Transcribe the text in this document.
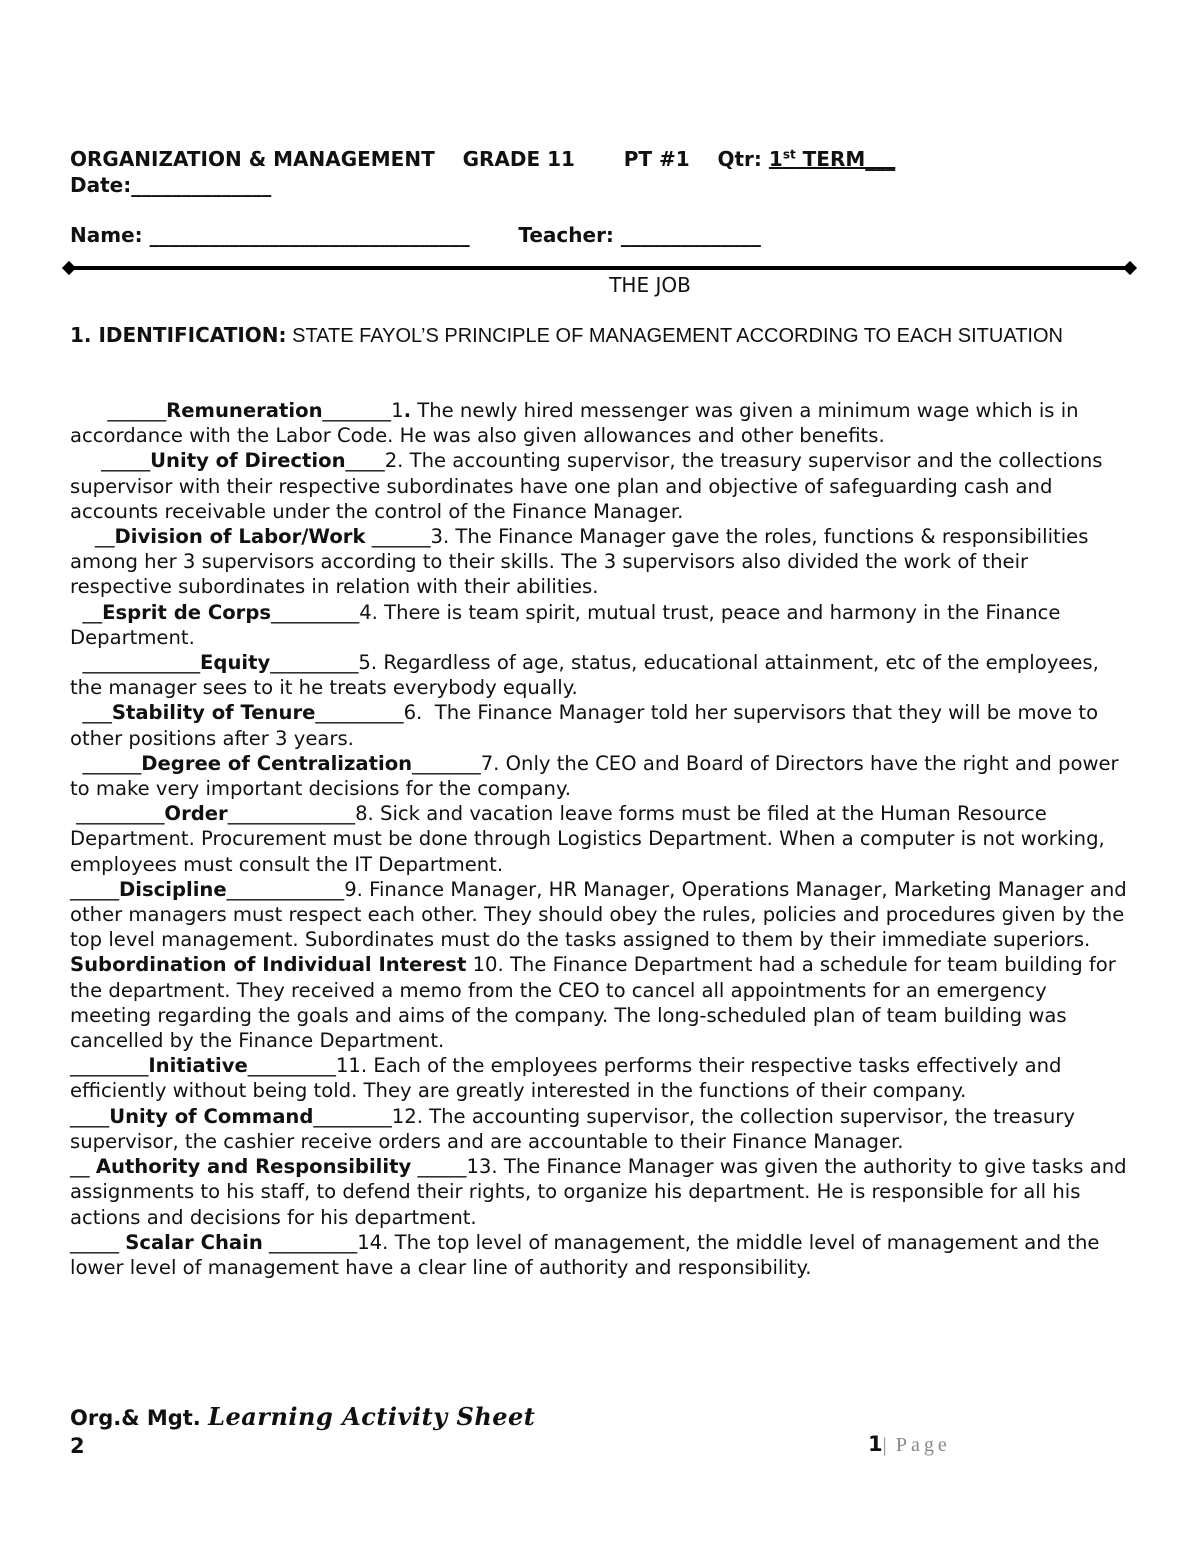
ORGANIZATION & MANAGEMENT GRADE 11 PT #1 Qtr: 1st TERM___
Date:______________
Name: ________________________________ Teacher: ______________
THE JOB
1. IDENTIFICATION: STATE FAYOL’S PRINCIPLE OF MANAGEMENT ACCORDING TO EACH SITUATION

______Remuneration_______1. The newly hired messenger was given a minimum wage which is in accordance with the Labor Code. He was also given allowances and other benefits.

_____Unity of Direction____2. The accounting supervisor, the treasury supervisor and the collections supervisor with their respective subordinates have one plan and objective of safeguarding cash and accounts receivable under the control of the Finance Manager.

__Division of Labor/Work ______3. The Finance Manager gave the roles, functions & responsibilities among her 3 supervisors according to their skills. The 3 supervisors also divided the work of their respective subordinates in relation with their abilities.

__Esprit de Corps_________4. There is team spirit, mutual trust, peace and harmony in the Finance Department.

____________Equity_________5. Regardless of age, status, educational attainment, etc of the employees, the manager sees to it he treats everybody equally.

___Stability of Tenure_________6.  The Finance Manager told her supervisors that they will be move to other positions after 3 years.

______Degree of Centralization_______7. Only the CEO and Board of Directors have the right and power to make very important decisions for the company.

_________Order_____________8. Sick and vacation leave forms must be filed at the Human Resource Department. Procurement must be done through Logistics Department. When a computer is not working, employees must consult the IT Department.

_____Discipline____________9. Finance Manager, HR Manager, Operations Manager, Marketing Manager and other managers must respect each other. They should obey the rules, policies and procedures given by the top level management. Subordinates must do the tasks assigned to them by their immediate superiors.

Subordination of Individual Interest 10. The Finance Department had a schedule for team building for the department. They received a memo from the CEO to cancel all appointments for an emergency meeting regarding the goals and aims of the company. The long-scheduled plan of team building was cancelled by the Finance Department.

________Initiative_________11. Each of the employees performs their respective tasks effectively and efficiently without being told. They are greatly interested in the functions of their company.

____Unity of Command________12. The accounting supervisor, the collection supervisor, the treasury supervisor, the cashier receive orders and are accountable to their Finance Manager.

__ Authority and Responsibility _____13. The Finance Manager was given the authority to give tasks and assignments to his staff, to defend their rights, to organize his department. He is responsible for all his actions and decisions for his department.

_____ Scalar Chain _________14. The top level of management, the middle level of management and the lower level of management have a clear line of authority and responsibility.

Org.& Mgt. Learning Activity Sheet
2	1| Page
